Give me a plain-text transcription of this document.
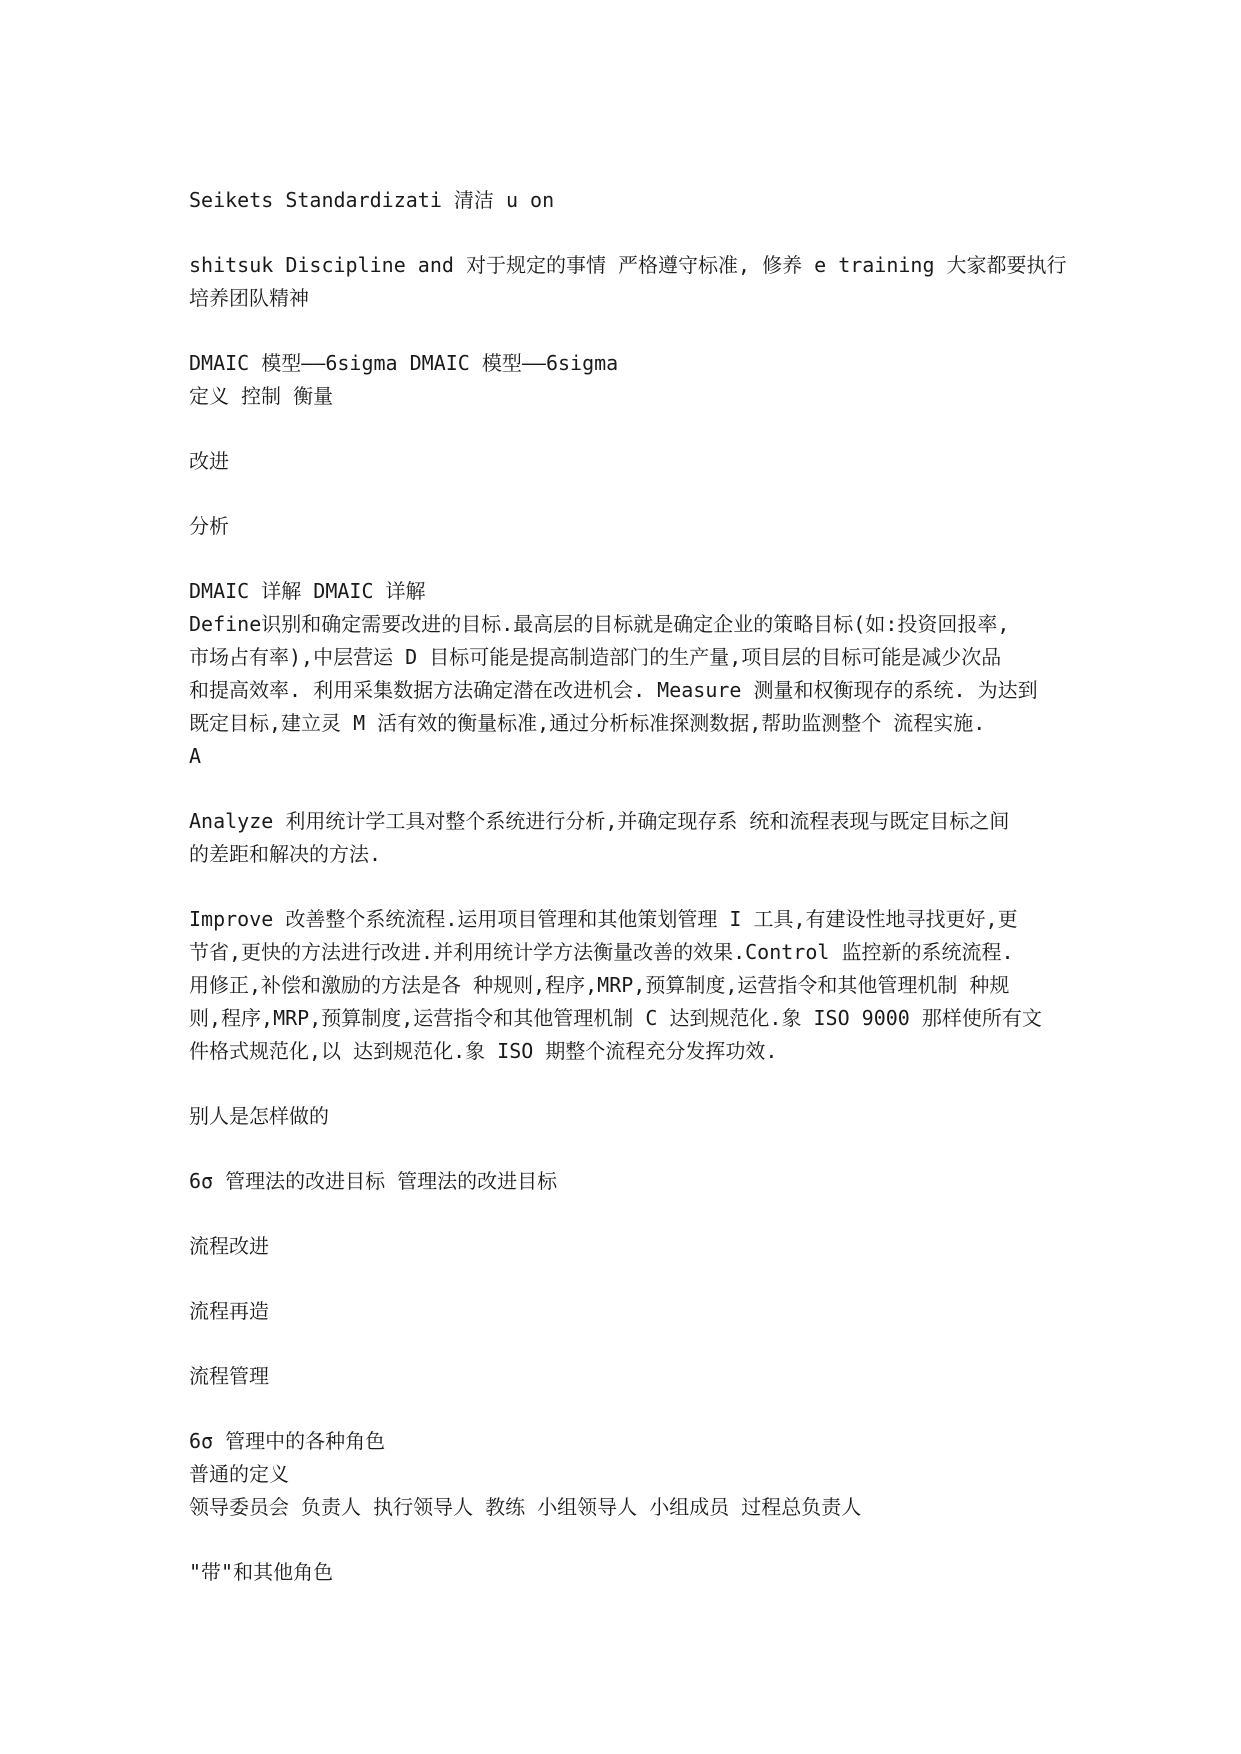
Seikets Standardizati 清洁 u on
shitsuk Discipline and 对于规定的事情 严格遵守标准, 修养 e training 大家都要执行
培养团队精神
DMAIC 模型——6sigma DMAIC 模型——6sigma
定义 控制 衡量
改进
分析
DMAIC 详解 DMAIC 详解
Define识别和确定需要改进的目标.最高层的目标就是确定企业的策略目标(如:投资回报率,
市场占有率),中层营运 D 目标可能是提高制造部门的生产量,项目层的目标可能是减少次品
和提高效率. 利用采集数据方法确定潜在改进机会. Measure 测量和权衡现存的系统. 为达到
既定目标,建立灵 M 活有效的衡量标准,通过分析标准探测数据,帮助监测整个 流程实施.
A
Analyze 利用统计学工具对整个系统进行分析,并确定现存系 统和流程表现与既定目标之间
的差距和解决的方法.
Improve 改善整个系统流程.运用项目管理和其他策划管理 I 工具,有建设性地寻找更好,更
节省,更快的方法进行改进.并利用统计学方法衡量改善的效果.Control 监控新的系统流程.
用修正,补偿和激励的方法是各 种规则,程序,MRP,预算制度,运营指令和其他管理机制 种规
则,程序,MRP,预算制度,运营指令和其他管理机制 C 达到规范化.象 ISO 9000 那样使所有文
件格式规范化,以 达到规范化.象 ISO 期整个流程充分发挥功效.
别人是怎样做的
6σ 管理法的改进目标 管理法的改进目标
流程改进
流程再造
流程管理
6σ 管理中的各种角色
普通的定义
领导委员会 负责人 执行领导人 教练 小组领导人 小组成员 过程总负责人
"带"和其他角色
